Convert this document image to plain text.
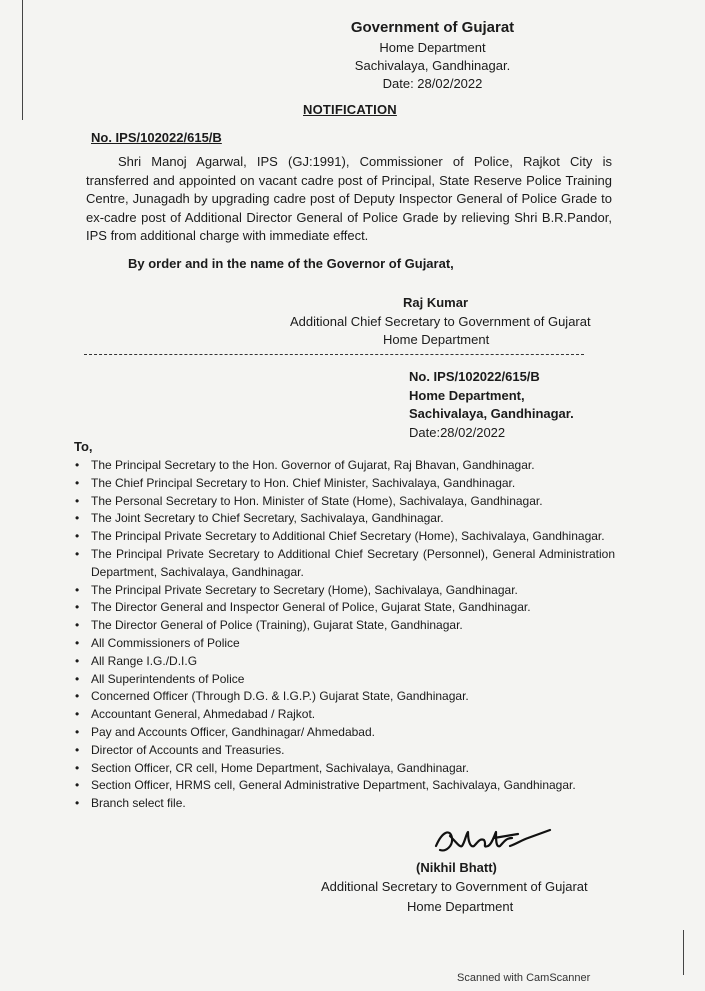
Government of Gujarat
Home Department
Sachivalaya, Gandhinagar.
Date: 28/02/2022
NOTIFICATION
No. IPS/102022/615/B
Shri Manoj Agarwal, IPS (GJ:1991), Commissioner of Police, Rajkot City is transferred and appointed on vacant cadre post of Principal, State Reserve Police Training Centre, Junagadh by upgrading cadre post of Deputy Inspector General of Police Grade to ex-cadre post of Additional Director General of Police Grade by relieving Shri B.R.Pandor, IPS from additional charge with immediate effect.
By order and in the name of the Governor of Gujarat,
Raj Kumar
Additional Chief Secretary to Government of Gujarat
Home Department
No. IPS/102022/615/B
Home Department,
Sachivalaya, Gandhinagar.
Date:28/02/2022
To,
• The Principal Secretary to the Hon. Governor of Gujarat, Raj Bhavan, Gandhinagar.
• The Chief Principal Secretary to Hon. Chief Minister, Sachivalaya, Gandhinagar.
• The Personal Secretary to Hon. Minister of State (Home), Sachivalaya, Gandhinagar.
• The Joint Secretary to Chief Secretary, Sachivalaya, Gandhinagar.
• The Principal Private Secretary to Additional Chief Secretary (Home), Sachivalaya, Gandhinagar.
• The Principal Private Secretary to Additional Chief Secretary (Personnel), General Administration Department, Sachivalaya, Gandhinagar.
• The Principal Private Secretary to Secretary (Home), Sachivalaya, Gandhinagar.
• The Director General and Inspector General of Police, Gujarat State, Gandhinagar.
• The Director General of Police (Training), Gujarat State, Gandhinagar.
• All Commissioners of Police
• All Range I.G./D.I.G
• All Superintendents of Police
• Concerned Officer (Through D.G. & I.G.P.) Gujarat State, Gandhinagar.
• Accountant General, Ahmedabad / Rajkot.
• Pay and Accounts Officer, Gandhinagar/ Ahmedabad.
• Director of Accounts and Treasuries.
• Section Officer, CR cell, Home Department, Sachivalaya, Gandhinagar.
• Section Officer, HRMS cell, General Administrative Department, Sachivalaya, Gandhinagar.
• Branch select file.
(Nikhil Bhatt)
Additional Secretary to Government of Gujarat
Home Department
Scanned with CamScanner
